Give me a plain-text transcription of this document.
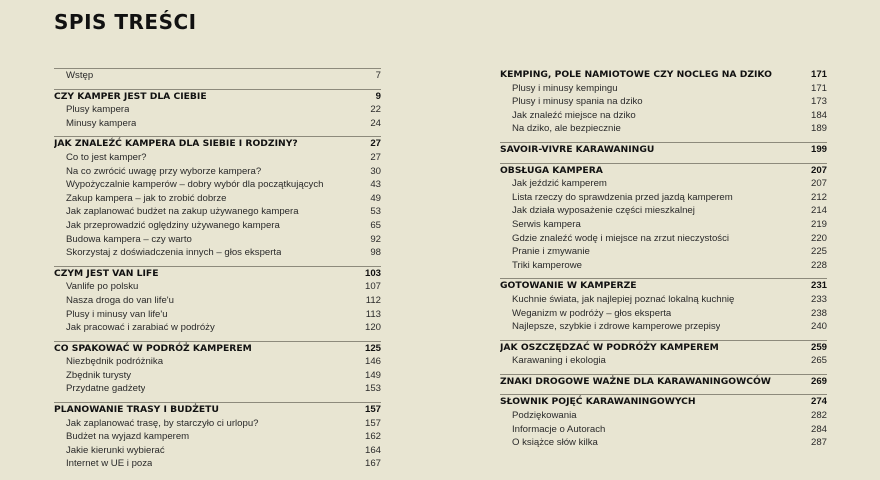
SPIS TREŚCI
Wstęp	7
CZY KAMPER JEST DLA CIEBIE	9
Plusy kampera	22
Minusy kampera	24
JAK ZNALEŹĆ KAMPERA DLA SIEBIE I RODZINY?	27
Co to jest kamper?	27
Na co zwrócić uwagę przy wyborze kampera?	30
Wypożyczalnie kamperów – dobry wybór dla początkujących	43
Zakup kampera – jak to zrobić dobrze	49
Jak zaplanować budżet na zakup używanego kampera	53
Jak przeprowadzić oględziny używanego kampera	65
Budowa kampera – czy warto	92
Skorzystaj z doświadczenia innych – głos eksperta	98
CZYM JEST VAN LIFE	103
Vanlife po polsku	107
Nasza droga do van life'u	112
Plusy i minusy van life'u	113
Jak pracować i zarabiać w podróży	120
CO SPAKOWAĆ W PODRÓŻ KAMPEREM	125
Niezbędnik podróżnika	146
Zbędnik turysty	149
Przydatne gadżety	153
PLANOWANIE TRASY I BUDŻETU	157
Jak zaplanować trasę, by starczyło ci urlopu?	157
Budżet na wyjazd kamperem	162
Jakie kierunki wybierać	164
Internet w UE i poza	167
KEMPING, POLE NAMIOTOWE CZY NOCLEG NA DZIKO	171
Plusy i minusy kempingu	171
Plusy i minusy spania na dziko	173
Jak znaleźć miejsce na dziko	184
Na dziko, ale bezpiecznie	189
SAVOIR-VIVRE KARAWANINGU	199
OBSŁUGA KAMPERA	207
Jak jeździć kamperem	207
Lista rzeczy do sprawdzenia przed jazdą kamperem	212
Jak działa wyposażenie części mieszkalnej	214
Serwis kampera	219
Gdzie znaleźć wodę i miejsce na zrzut nieczystości	220
Pranie i zmywanie	225
Triki kamperowe	228
GOTOWANIE W KAMPERZE	231
Kuchnie świata, jak najlepiej poznać lokalną kuchnię	233
Weganizm w podróży – głos eksperta	238
Najlepsze, szybkie i zdrowe kamperowe przepisy	240
JAK OSZCZĘDZAĆ W PODRÓŻY KAMPEREM	259
Karawaning i ekologia	265
ZNAKI DROGOWE WAŻNE DLA KARAWANINGOWCÓW	269
SŁOWNIK POJĘĆ KARAWANINGOWYCH	274
Podziękowania	282
Informacje o Autorach	284
O książce słów kilka	287
